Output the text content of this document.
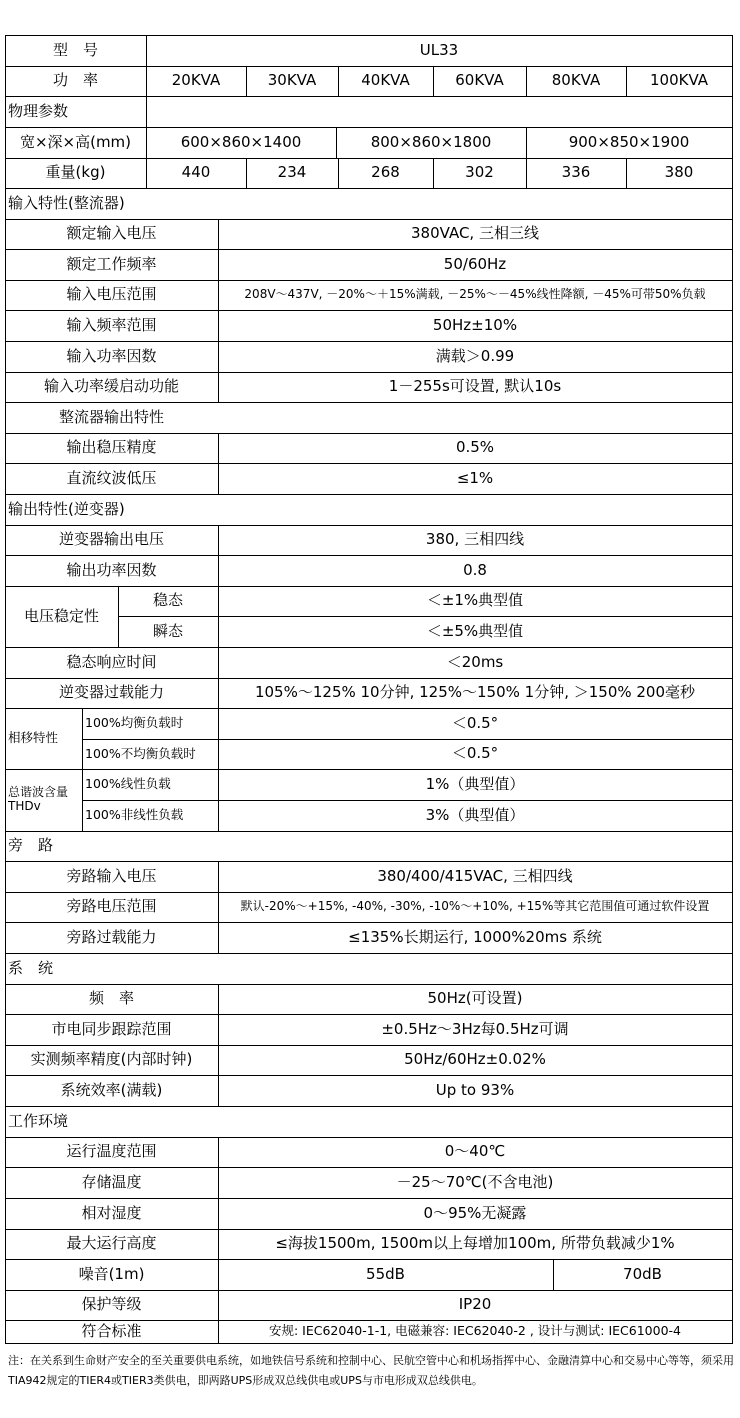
型　号	UL33
功　率	20KVA	30KVA	40KVA	60KVA	80KVA	100KVA
物理参数
宽×深×高(mm)	600×860×1400	800×860×1800	900×850×1900
重量(kg)	440	234	268	302	336	380
输入特性(整流器)
额定输入电压	380VAC, 三相三线
额定工作频率	50/60Hz
输入电压范围	208V～437V, －20%～＋15%满载, －25%～－45%线性降额, －45%可带50%负载
输入频率范围	50Hz±10%
输入功率因数	满载＞0.99
输入功率缓启动功能	1－255s可设置, 默认10s
整流器输出特性
输出稳压精度	0.5%
直流纹波低压	≤1%
输出特性(逆变器)
逆变器输出电压	380, 三相四线
输出功率因数	0.8
电压稳定性
稳态	＜±1%典型值
瞬态	＜±5%典型值
稳态响应时间	＜20ms
逆变器过载能力	105%～125% 10分钟, 125%～150% 1分钟, ＞150% 200毫秒
相移特性
100%均衡负载时	＜0.5°
100%不均衡负载时	＜0.5°
总谐波含量
THDv
100%线性负载	1%（典型值）
100%非线性负载	3%（典型值）
旁　路
旁路输入电压	380/400/415VAC, 三相四线
旁路电压范围	默认-20%～+15%, -40%, -30%, -10%～+10%, +15%等其它范围值可通过软件设置
旁路过载能力	≤135%长期运行, 1000%20ms 系统
系　统
频　率	50Hz(可设置)
市电同步跟踪范围	±0.5Hz～3Hz每0.5Hz可调
实测频率精度(内部时钟)	50Hz/60Hz±0.02%
系统效率(满载)	Up to 93%
工作环境
运行温度范围	0～40℃
存储温度	－25～70℃(不含电池)
相对湿度	0～95%无凝露
最大运行高度	≤海拔1500m, 1500m以上每增加100m, 所带负载减少1%
噪音(1m)	55dB	70dB
保护等级	IP20
符合标准	安规: IEC62040-1-1, 电磁兼容: IEC62040-2 , 设计与测试: IEC61000-4
注：在关系到生命财产安全的至关重要供电系统，如地铁信号系统和控制中心、民航空管中心和机场指挥中心、金融清算中心和交易中心等等，须采用TIA942规定的TIER4或TIER3类供电，即两路UPS形成双总线供电或UPS与市电形成双总线供电。
